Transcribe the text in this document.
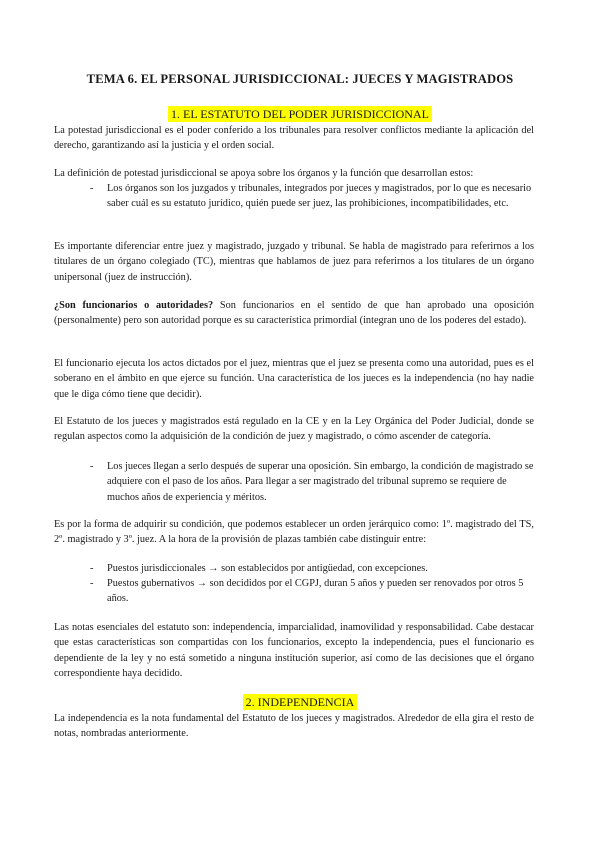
TEMA 6. EL PERSONAL JURISDICCIONAL: JUECES Y MAGISTRADOS
1. EL ESTATUTO DEL PODER JURISDICCIONAL

La potestad jurisdiccional es el poder conferido a los tribunales para resolver conflictos mediante la aplicación del derecho, garantizando así la justicia y el orden social.

La definición de potestad jurisdiccional se apoya sobre los órganos y la función que desarrollan estos:

- Los órganos son los juzgados y tribunales, integrados por jueces y magistrados, por lo que es necesario saber cuál es su estatuto jurídico, quién puede ser juez, las prohibiciones, incompatibilidades, etc.

Es importante diferenciar entre juez y magistrado, juzgado y tribunal. Se habla de magistrado para referirnos a los titulares de un órgano colegiado (TC), mientras que hablamos de juez para referirnos a los titulares de un órgano unipersonal (juez de instrucción).

¿Son funcionarios o autoridades? Son funcionarios en el sentido de que han aprobado una oposición (personalmente) pero son autoridad porque es su característica primordial (integran uno de los poderes del estado).

El funcionario ejecuta los actos dictados por el juez, mientras que el juez se presenta como una autoridad, pues es el soberano en el ámbito en que ejerce su función. Una característica de los jueces es la independencia (no hay nadie que le diga cómo tiene que decidir).

El Estatuto de los jueces y magistrados está regulado en la CE y en la Ley Orgánica del Poder Judicial, donde se regulan aspectos como la adquisición de la condición de juez y magistrado, o cómo ascender de categoría.

- Los jueces llegan a serlo después de superar una oposición. Sin embargo, la condición de magistrado se adquiere con el paso de los años. Para llegar a ser magistrado del tribunal supremo se requiere de muchos años de experiencia y méritos.

Es por la forma de adquirir su condición, que podemos establecer un orden jerárquico como: 1º. magistrado del TS, 2º. magistrado y 3º. juez. A la hora de la provisión de plazas también cabe distinguir entre:

- Puestos jurisdiccionales → son establecidos por antigüedad, con excepciones.
- Puestos gubernativos → son decididos por el CGPJ, duran 5 años y pueden ser renovados por otros 5 años.

Las notas esenciales del estatuto son: independencia, imparcialidad, inamovilidad y responsabilidad. Cabe destacar que estas características son compartidas con los funcionarios, excepto la independencia, pues el funcionario es dependiente de la ley y no está sometido a ninguna institución superior, así como de las decisiones que el órgano correspondiente haya decidido.

2. INDEPENDENCIA

La independencia es la nota fundamental del Estatuto de los jueces y magistrados. Alrededor de ella gira el resto de notas, nombradas anteriormente.
